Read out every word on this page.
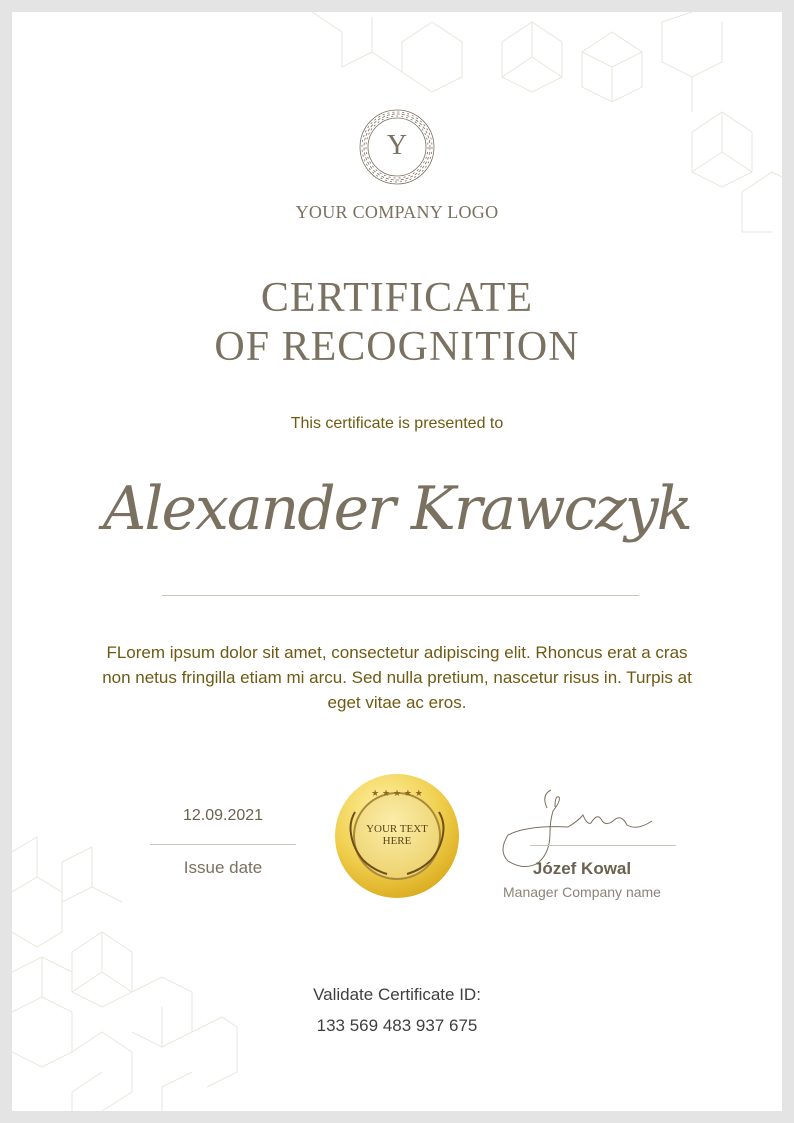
Y
YOUR COMPANY LOGO
CERTIFICATE
OF RECOGNITION
This certificate is presented to
Alexander Krawczyk
FLorem ipsum dolor sit amet, consectetur adipiscing elit. Rhoncus erat a cras non netus fringilla etiam mi arcu. Sed nulla pretium, nascetur risus in. Turpis at eget vitae ac eros.
12.09.2021
Issue date
★ ★ ★ ★ ★
YOUR TEXT
HERE
Józef Kowal
Manager Company name
Validate Certificate ID:
133 569 483 937 675
